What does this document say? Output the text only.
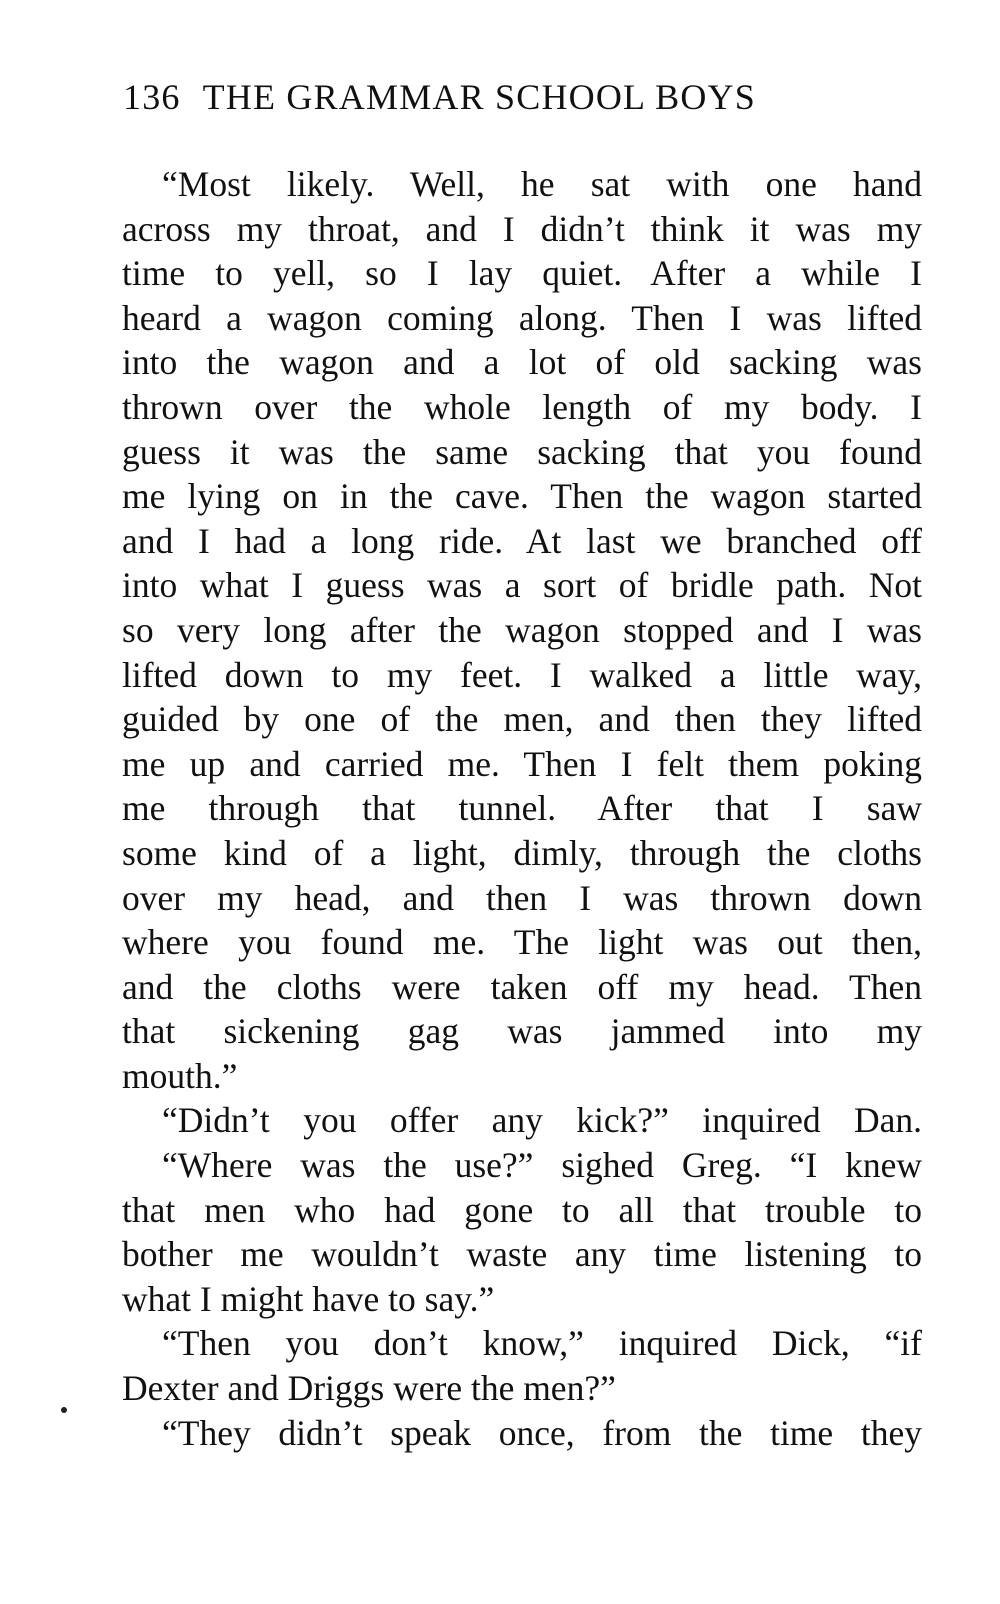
136 THE GRAMMAR SCHOOL BOYS
“Most likely. Well, he sat with one hand
across my throat, and I didn’t think it was my
time to yell, so I lay quiet. After a while I
heard a wagon coming along. Then I was lifted
into the wagon and a lot of old sacking was
thrown over the whole length of my body. I
guess it was the same sacking that you found
me lying on in the cave. Then the wagon started
and I had a long ride. At last we branched off
into what I guess was a sort of bridle path. Not
so very long after the wagon stopped and I was
lifted down to my feet. I walked a little way,
guided by one of the men, and then they lifted
me up and carried me. Then I felt them poking
me through that tunnel. After that I saw
some kind of a light, dimly, through the cloths
over my head, and then I was thrown down
where you found me. The light was out then,
and the cloths were taken off my head. Then
that sickening gag was jammed into my
mouth.”
“Didn’t you offer any kick?” inquired Dan.
“Where was the use?” sighed Greg. “I knew
that men who had gone to all that trouble to
bother me wouldn’t waste any time listening to
what I might have to say.”
“Then you don’t know,” inquired Dick, “if
Dexter and Driggs were the men?”
“They didn’t speak once, from the time they
